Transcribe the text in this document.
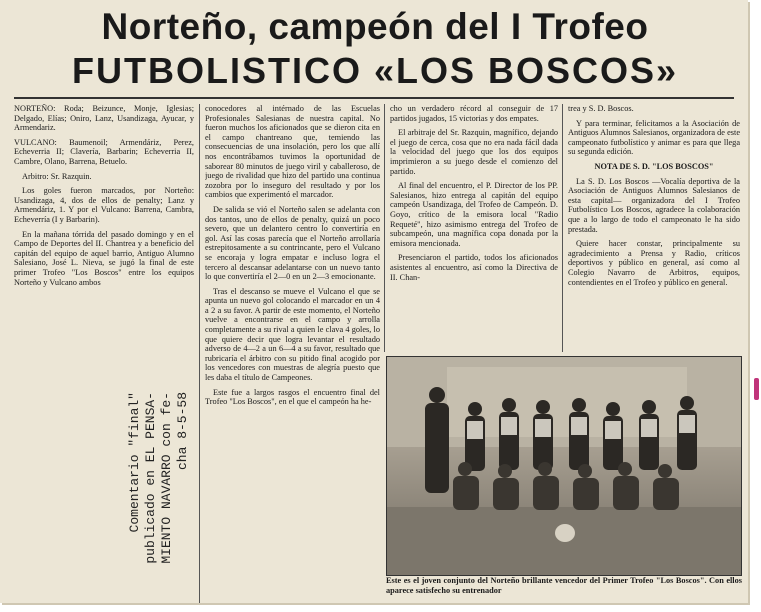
Norteño, campeón del I Trofeo
FUTBOLISTICO «LOS BOSCOS»

NORTEÑO: Roda; Beizunce, Monje, Iglesias; Delgado, Elías; Oniro, Lanz, Usandizaga, Ayucar, y Armendariz.

VULCANO: Baumenoil; Armendáriz, Perez, Echeverria II; Clavería, Barbarin; Echeverria II, Cambre, Olano, Barrena, Betuelo.

Arbitro: Sr. Razquin.

Los goles fueron marcados, por Norteño: Usandizaga, 4, dos de ellos de penalty; Lanz y Armendáriz, 1. Y por el Vulcano: Barrena, Cambra, Echeverría (I y Barbarin).

En la mañana tórrida del pasado domingo y en el Campo de Deportes del II. Chantrea y a beneficio del capitán del equipo de aquel barrio, Antiguo Alumno Salesiano, José L. Nieva, se jugó la final de este primer Trofeo "Los Boscos" entre los equipos Norteño y Vulcano ambos

conocedores al intérnado de las Escuelas Profesionales Salesianas de nuestra capital. No fueron muchos los aficionados que se dieron cita en el campo chantreano que, temiendo las consecuencias de una insolación, pero los que allí nos encontrábamos tuvimos la oportunidad de saborear 80 minutos de juego viril y caballeroso, de juego de rivalidad que hizo del partido una continua zozobra por lo inseguro del resultado y por los cambios que experimentó el marcador.

De salida se vió el Norteño salen se adelanta con dos tantos, uno de ellos de penalty, quizá un poco severo, que un delantero centro lo convertiría en gol. Así las cosas parecía que el Norteño arrollaría estrepitosamente a su contrincante, pero el Vulcano se encoraja y logra empatar e incluso logra el tercero al descansar adelantarse con un nuevo tanto lo que convertiría el 2—0 en un 2—3 emocionante.

Tras el descanso se mueve el Vulcano el que se apunta un nuevo gol colocando el marcador en un 4 a 2 a su favor. A partir de este momento, el Norteño vuelve a encontrarse en el campo y arrolla completamente a su rival a quien le clava 4 goles, lo que quiere decir que logra levantar el resultado adverso de 4—2 a un 6—4 a su favor, resultado que rubricaría el árbitro con su pitido final acogido por los vencedores con muestras de alegría puesto que les daba el título de Campeones.

Este fue a largos rasgos el encuentro final del Trofeo "Los Boscos", en el que el campeón ha he-

cho un verdadero récord al conseguir de 17 partidos jugados, 15 victorias y dos empates.

El arbitraje del Sr. Razquin, magnífico, dejando el juego de cerca, cosa que no era nada fácil dada la velocidad del juego que los dos equipos imprimieron a su juego desde el comienzo del partido.

Al final del encuentro, el P. Director de los PP. Salesianos, hizo entrega al capitán del equipo campeón Usandizaga, del Trofeo de Campeón. D. Goyo, crítico de la emisora local "Radio Requeté", hizo asimismo entrega del Trofeo de subcampeón, una magnífica copa donada por la emisora mencionada.

Presenciaron el partido, todos los aficionados asistentes al encuentro, así como la Directiva de II. Chan-

trea y S. D. Boscos.

Y para terminar, felicitamos a la Asociación de Antiguos Alumnos Salesianos, organizadora de este campeonato futbolístico y animar es para que llega su segunda edición.

NOTA DE S. D. "LOS BOSCOS"

La S. D. Los Boscos —Vocalía deportiva de la Asociación de Antiguos Alumnos Salesianos de esta capital— organizadora del I Trofeo Futbolístico Los Boscos, agradece la colaboración que a lo largo de todo el campeonato le ha sido prestada.

Quiere hacer constar, principalmente su agradecimiento a Prensa y Radio, críticos deportivos y público en general, así como al Colegio Navarro de Arbitros, equipos, contendientes en el Trofeo y público en general.

Este es el joven conjunto del Norteño brillante vencedor del Primer Trofeo "Los Boscos". Con ellos aparece satisfecho su entrenador
Comentario "final" publicado en EL PENSA- MIENTO NAVARRO con fe- cha 8-5-58
